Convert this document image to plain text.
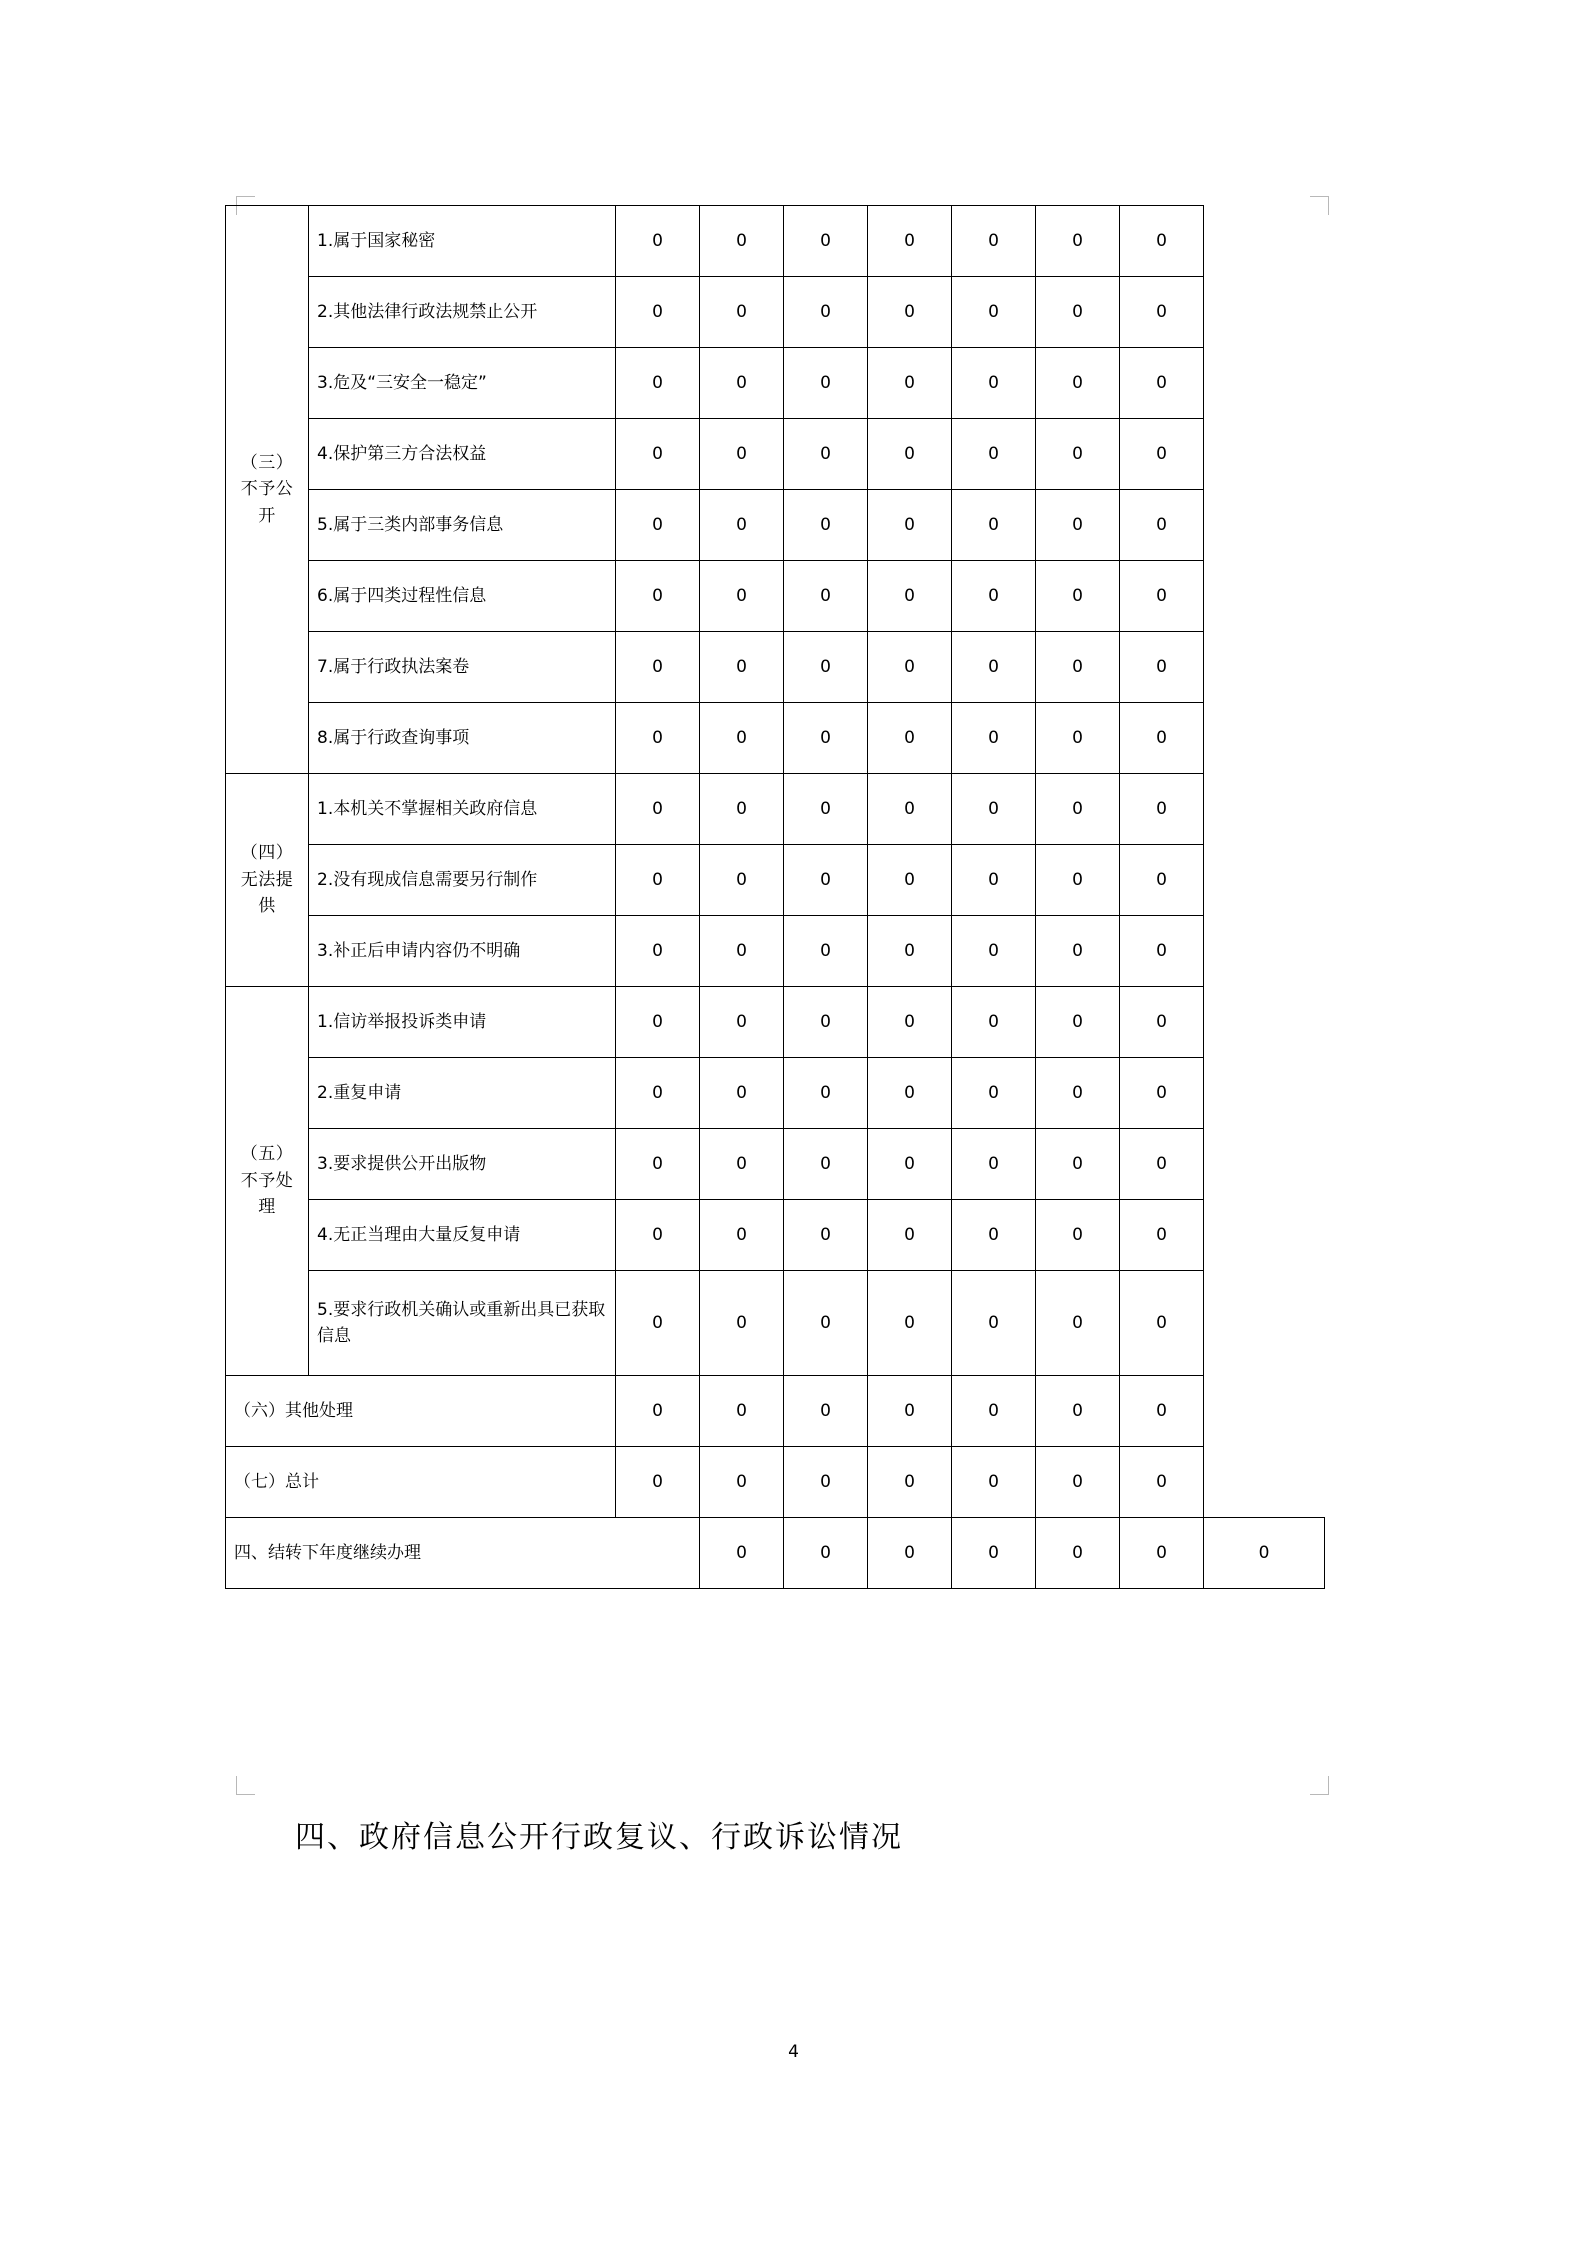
（三）
不予公
开	1.属于国家秘密	0	0	0	0	0	0	0	
	2.其他法律行政法规禁止公开	0	0	0	0	0	0	0	
	3.危及“三安全一稳定”	0	0	0	0	0	0	0	
	4.保护第三方合法权益	0	0	0	0	0	0	0	
	5.属于三类内部事务信息	0	0	0	0	0	0	0	
	6.属于四类过程性信息	0	0	0	0	0	0	0	
	7.属于行政执法案卷	0	0	0	0	0	0	0	
	8.属于行政查询事项	0	0	0	0	0	0	0	

（四）
无法提
供	1.本机关不掌握相关政府信息	0	0	0	0	0	0	0	
	2.没有现成信息需要另行制作	0	0	0	0	0	0	0	
	3.补正后申请内容仍不明确	0	0	0	0	0	0	0	

（五）
不予处
理	1.信访举报投诉类申请	0	0	0	0	0	0	0	
	2.重复申请	0	0	0	0	0	0	0	
	3.要求提供公开出版物	0	0	0	0	0	0	0	
	4.无正当理由大量反复申请	0	0	0	0	0	0	0	
	5.要求行政机关确认或重新出具已获取信息	0	0	0	0	0	0	0	
（六）其他处理		0	0	0	0	0	0	0	
（七）总计		0	0	0	0	0	0	0	
四、结转下年度继续办理			0	0	0	0	0	0	0
四、政府信息公开行政复议、行政诉讼情况
4
